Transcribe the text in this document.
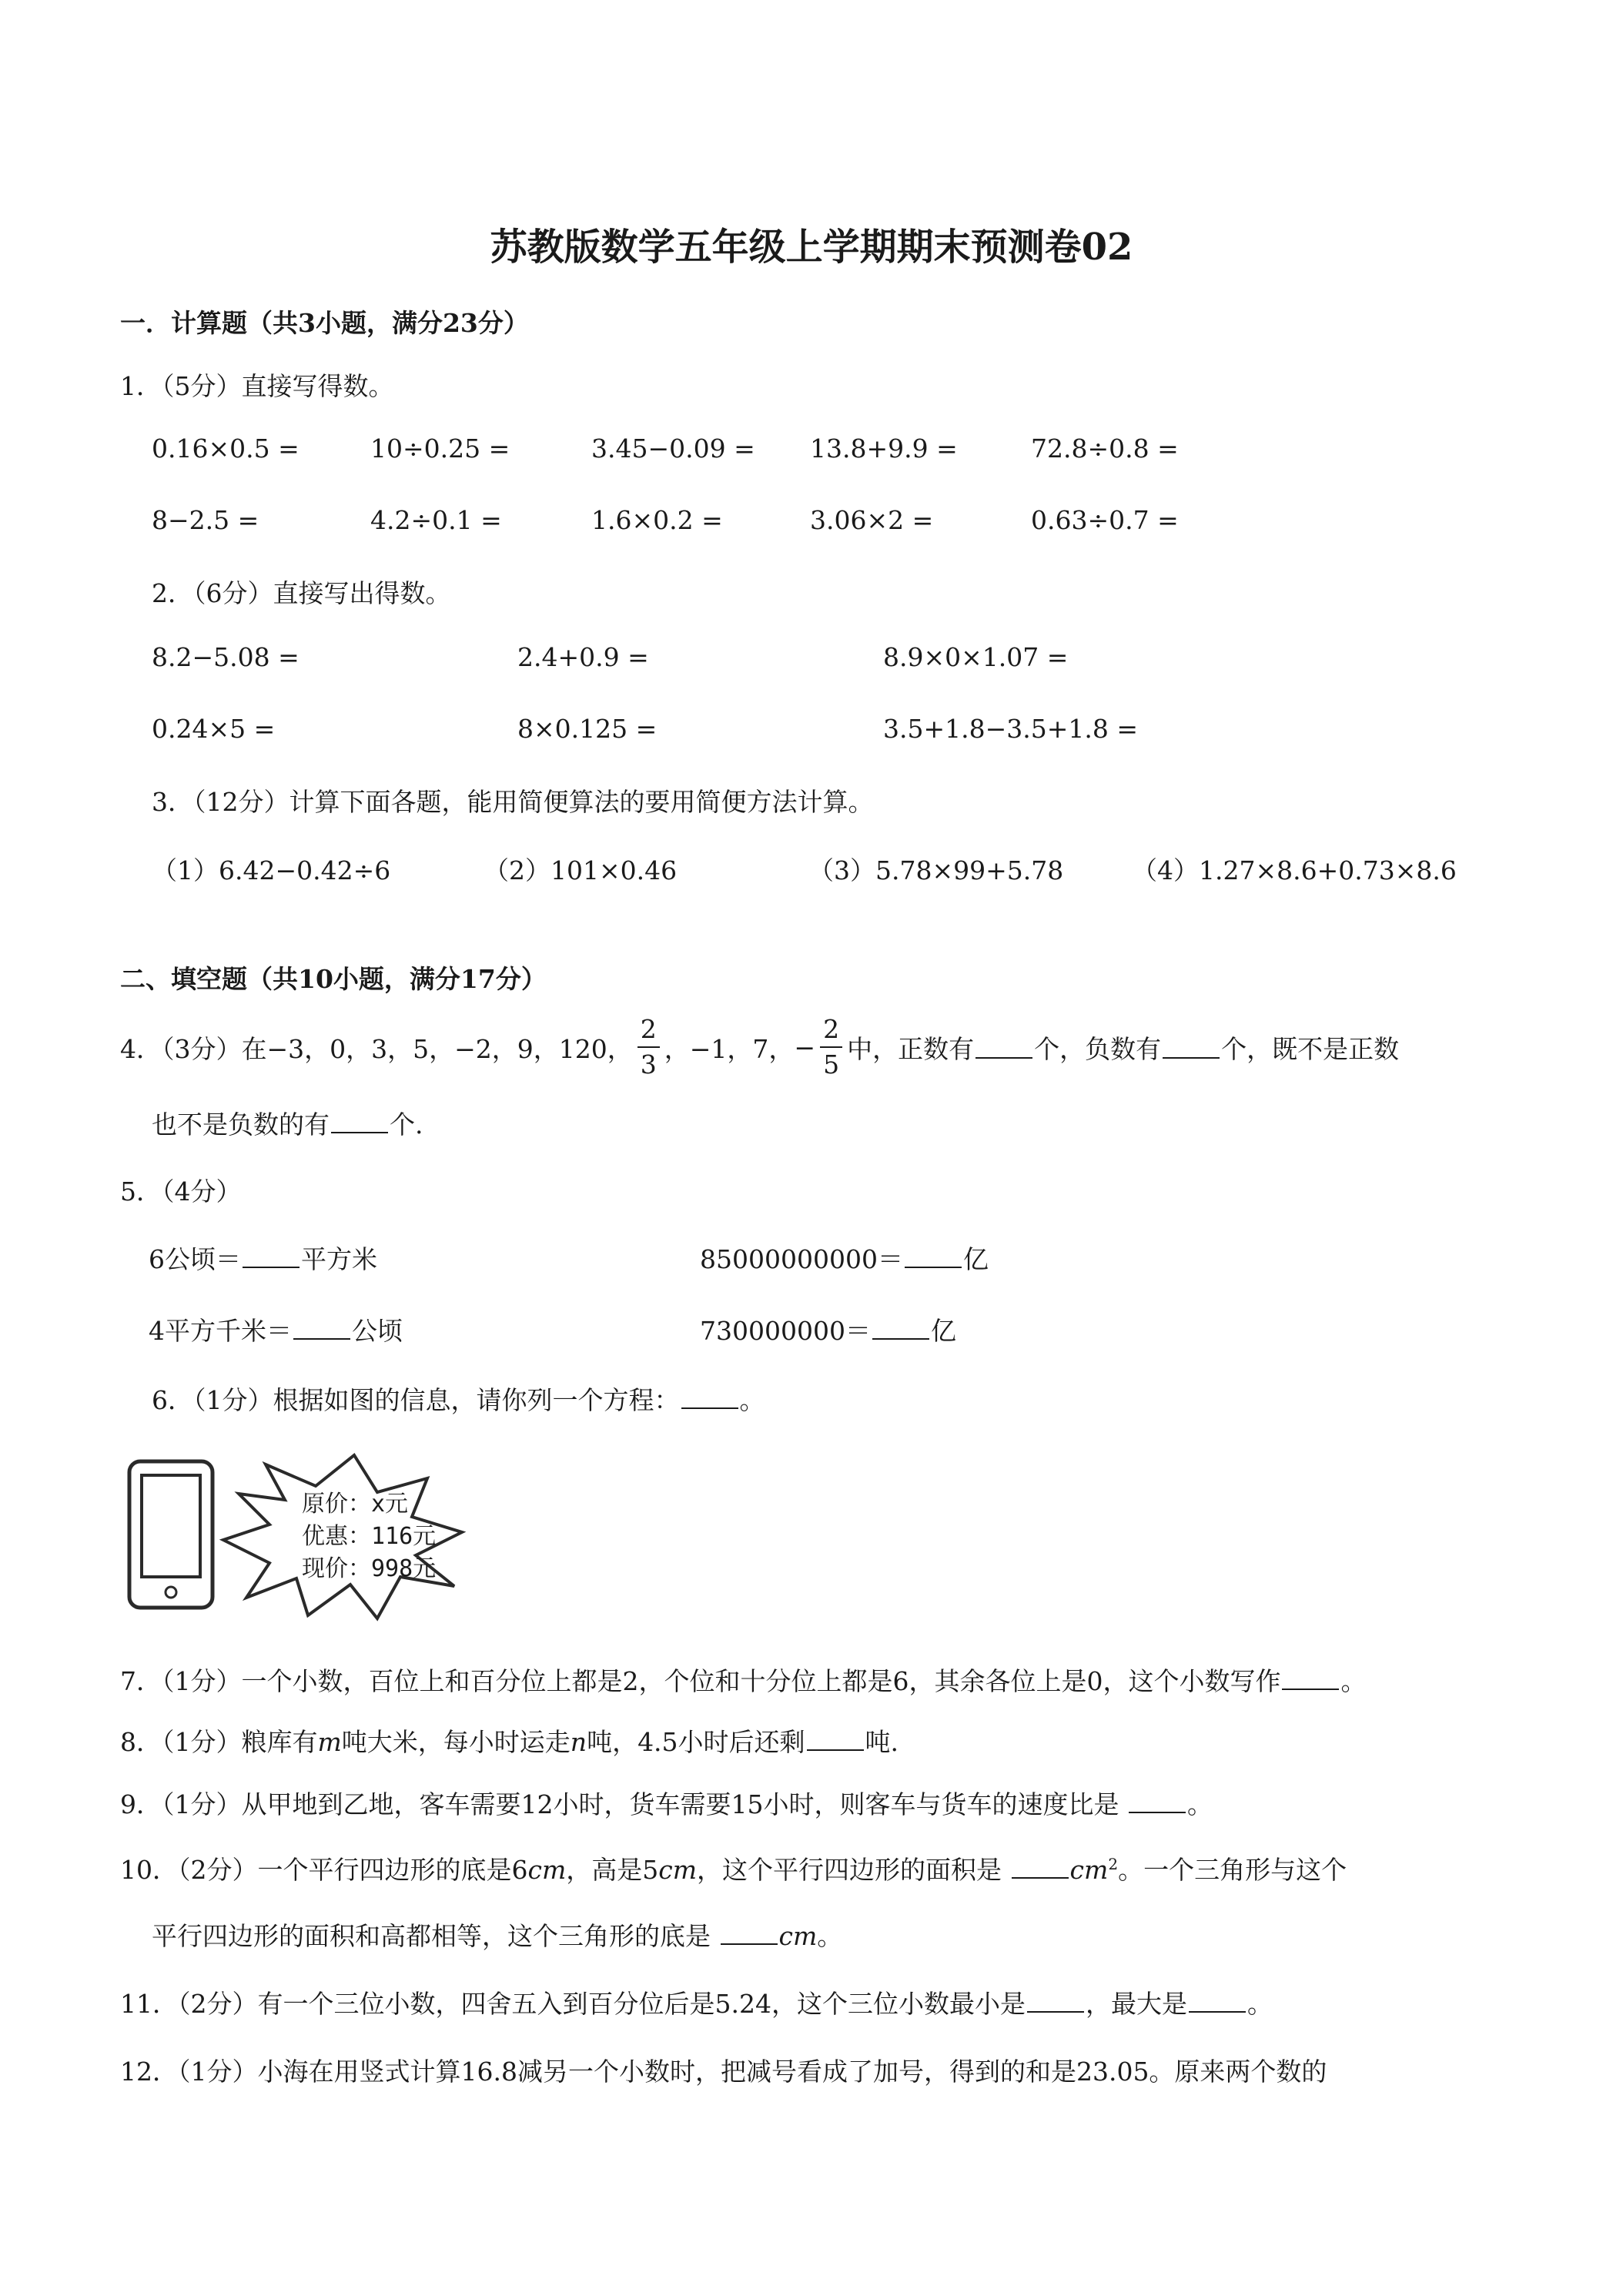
苏教版数学五年级上学期期末预测卷02
一．计算题（共3小题，满分23分）
1．（5分）直接写得数。
0.16×0.5 =	10÷0.25 =	3.45−0.09 = 13.8+9.9 =	72.8÷0.8 =
8−2.5 =	4.2÷0.1 =	1.6×0.2 =	3.06×2 =	0.63÷0.7 =
2．（6分）直接写出得数。
8.2−5.08 =	2.4+0.9 =	8.9×0×1.07 =
0.24×5 =	8×0.125 =	3.5+1.8−3.5+1.8 =
3．（12分）计算下面各题，能用简便算法的要用简便方法计算。
（1）6.42−0.42÷6	（2）101×0.46	（3）5.78×99+5.78	（4）1.27×8.6+0.73×8.6
二、填空题（共10小题，满分17分）
4．（3分）在−3，0，3，5，−2，9，120， $\frac{2}{3}$ ，−1，7， − $\frac{2}{5}$ 中，正数有 个，负数有 个，既不是正数
也不是负数的有 个.
5．（4分）
6公顷＝ 平方米	85000000000＝ 亿
4平方千米＝ 公顷	730000000＝ 亿
6．（1分）根据如图的信息，请你列一个方程： 。
原价：x元
优惠：116元
现价：998元
7．（1分）一个小数，百位上和百分位上都是2，个位和十分位上都是6，其余各位上是0，这个小数写作 。
8．（1分）粮库有m吨大米，每小时运走n吨，4.5小时后还剩 吨.
9．（1分）从甲地到乙地，客车需要12小时，货车需要15小时，则客车与货车的速度比是	。
10．（2分）一个平行四边形的底是6cm，高是5cm，这个平行四边形的面积是	$cm^2$。一个三角形与这个
平行四边形的面积和高都相等，这个三角形的底是	cm。
11．（2分）有一个三位小数，四舍五入到百分位后是5.24，这个三位小数最小是 ，最大是 。
12．（1分）小海在用竖式计算16.8减另一个小数时，把减号看成了加号，得到的和是23.05。原来两个数的
